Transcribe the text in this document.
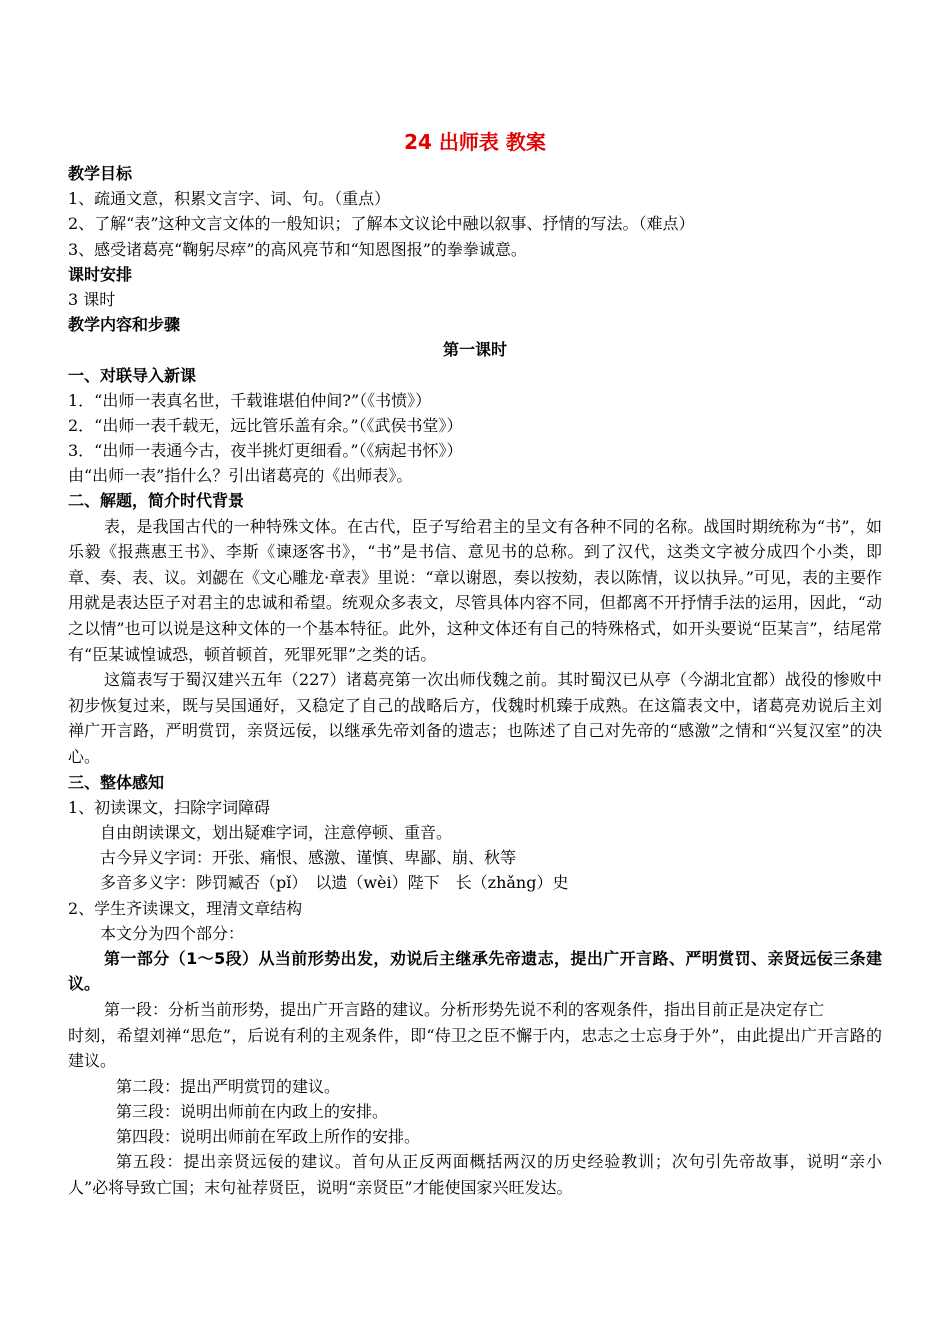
24 出师表 教案
教学目标
1、疏通文意，积累文言字、词、句。（重点）
2、了解“表”这种文言文体的一般知识；了解本文议论中融以叙事、抒情的写法。（难点）
3、感受诸葛亮“鞠躬尽瘁”的高风亮节和“知恩图报”的拳拳诚意。
课时安排
3 课时
教学内容和步骤
第一课时
一、对联导入新课
1．“出师一表真名世，千载谁堪伯仲间?”（《书愤》）
2．“出师一表千载无，远比管乐盖有余。”（《武侯书堂》）
3．“出师一表通今古，夜半挑灯更细看。”（《病起书怀》）
由“出师一表”指什么？引出诸葛亮的《出师表》。
二、解题，简介时代背景
表，是我国古代的一种特殊文体。在古代，臣子写给君主的呈文有各种不同的名称。战国时期统称为“书”，如乐毅《报燕惠王书》、李斯《谏逐客书》，“书”是书信、意见书的总称。到了汉代，这类文字被分成四个小类，即章、奏、表、议。刘勰在《文心雕龙·章表》里说：“章以谢恩，奏以按劾，表以陈情，议以执异。”可见，表的主要作用就是表达臣子对君主的忠诚和希望。统观众多表文，尽管具体内容不同，但都离不开抒情手法的运用，因此，“动之以情”也可以说是这种文体的一个基本特征。此外，这种文体还有自己的特殊格式，如开头要说“臣某言”，结尾常有“臣某诚惶诚恐，顿首顿首，死罪死罪”之类的话。
这篇表写于蜀汉建兴五年（227）诸葛亮第一次出师伐魏之前。其时蜀汉已从亭（今湖北宜都）战役的惨败中初步恢复过来，既与吴国通好，又稳定了自己的战略后方，伐魏时机臻于成熟。在这篇表文中，诸葛亮劝说后主刘禅广开言路，严明赏罚，亲贤远佞，以继承先帝刘备的遗志；也陈述了自己对先帝的“感激”之情和“兴复汉室”的决心。
三、整体感知
1、初读课文，扫除字词障碍
自由朗读课文，划出疑难字词，注意停顿、重音。
古今异义字词：开张、痛恨、感激、谨慎、卑鄙、崩、秋等
多音多义字：陟罚臧否（pǐ）　以遗（wèi）陛下　长（zhǎng）史
2、学生齐读课文，理清文章结构
本文分为四个部分：
第一部分（1～5段）从当前形势出发，劝说后主继承先帝遗志，提出广开言路、严明赏罚、亲贤远佞三条建议。
第一段：分析当前形势，提出广开言路的建议。分析形势先说不利的客观条件，指出目前正是决定存亡
时刻，希望刘禅“思危”，后说有利的主观条件，即“侍卫之臣不懈于内，忠志之士忘身于外”，由此提出广开言路的建议。
第二段：提出严明赏罚的建议。
第三段：说明出师前在内政上的安排。
第四段：说明出师前在军政上所作的安排。
第五段：提出亲贤远佞的建议。首句从正反两面概括两汉的历史经验教训；次句引先帝故事，说明“亲小人”必将导致亡国；末句祉荐贤臣，说明“亲贤臣”才能使国家兴旺发达。
